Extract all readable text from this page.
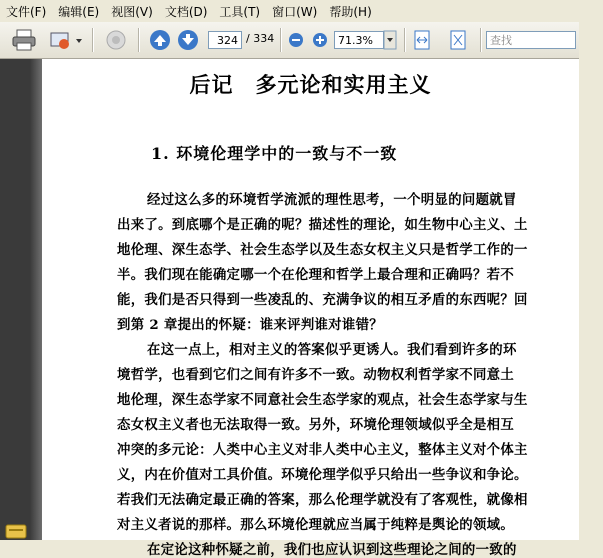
文件(F)	编辑(E)	视图(V)	文档(D)	工具(T)	窗口(W)	帮助(H)
324 / 334	71.3%	查找
后记　多元论和实用主义
1. 环境伦理学中的一致与不一致
经过这么多的环境哲学流派的理性思考，一个明显的问题就冒
出来了。到底哪个是正确的呢？描述性的理论，如生物中心主义、土
地伦理、深生态学、社会生态学以及生态女权主义只是哲学工作的一
半。我们现在能确定哪一个在伦理和哲学上最合理和正确吗？若不
能，我们是否只得到一些凌乱的、充满争议的相互矛盾的东西呢？回
到第 2 章提出的怀疑：谁来评判谁对谁错？
在这一点上，相对主义的答案似乎更诱人。我们看到许多的环
境哲学，也看到它们之间有许多不一致。动物权利哲学家不同意土
地伦理，深生态学家不同意社会生态学家的观点，社会生态学家与生
态女权主义者也无法取得一致。另外，环境伦理领域似乎全是相互
冲突的多元论：人类中心主义对非人类中心主义，整体主义对个体主
义，内在价值对工具价值。环境伦理学似乎只给出一些争议和争论。
若我们无法确定最正确的答案，那么伦理学就没有了客观性，就像相
对主义者说的那样。那么环境伦理就应当属于纯粹是舆论的领域。
在定论这种怀疑之前，我们也应认识到这些理论之间的一致的
